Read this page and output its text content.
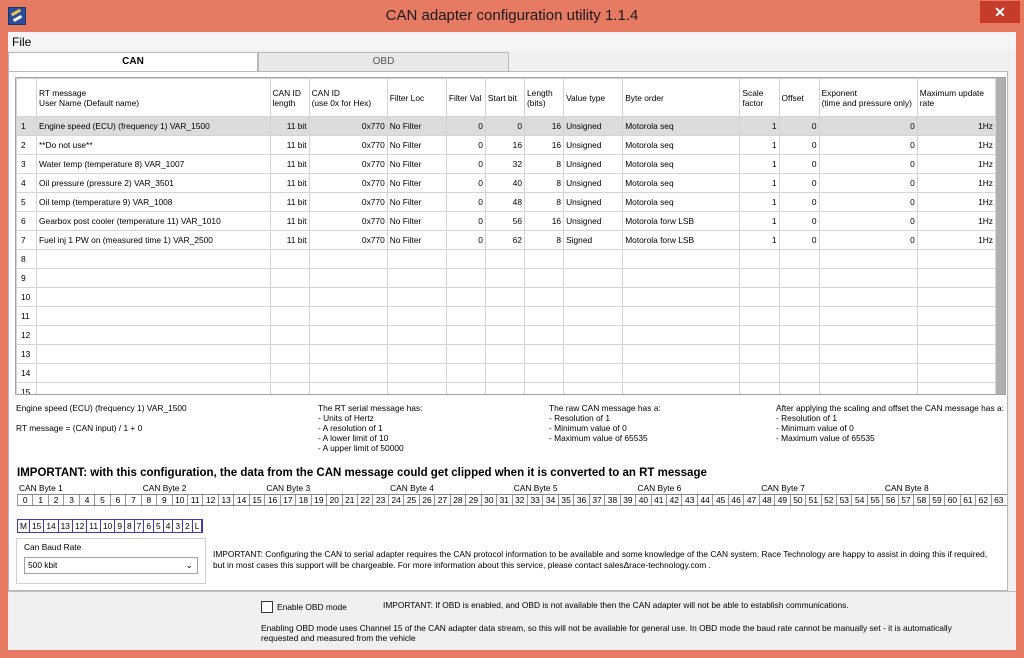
CAN adapter configuration utility 1.1.4	✕
File
CAN	OBD
	RT message
User Name (Default name)	CAN ID length	CAN ID
(use 0x for Hex)	Filter Loc	Filter Val	Start bit	Length (bits)	Value type	Byte order	Scale factor	Offset	Exponent
(time and pressure only)	Maximum update rate
1	Engine speed (ECU) (frequency 1) VAR_1500	11 bit	0x770	No Filter	0	0	16	Unsigned	Motorola seq	1	0	0	1Hz
2	**Do not use**	11 bit	0x770	No Filter	0	16	16	Unsigned	Motorola seq	1	0	0	1Hz
3	Water temp (temperature 8) VAR_1007	11 bit	0x770	No Filter	0	32	8	Unsigned	Motorola seq	1	0	0	1Hz
4	Oil pressure (pressure 2) VAR_3501	11 bit	0x770	No Filter	0	40	8	Unsigned	Motorola seq	1	0	0	1Hz
5	Oil temp (temperature 9) VAR_1008	11 bit	0x770	No Filter	0	48	8	Unsigned	Motorola seq	1	0	0	1Hz
6	Gearbox post cooler (temperature 11) VAR_1010	11 bit	0x770	No Filter	0	56	16	Unsigned	Motorola forw LSB	1	0	0	1Hz
7	Fuel inj 1 PW on (measured time 1) VAR_2500	11 bit	0x770	No Filter	0	62	8	Signed	Motorola forw LSB	1	0	0	1Hz
8													
9													
10													
11													
12													
13													
14													
15													
Engine speed (ECU) (frequency 1) VAR_1500
RT message = (CAN input) / 1 + 0
The RT serial message has:
- Units of Hertz
- A resolution of 1
- A lower limit of 10
- A upper limit of 50000
The raw CAN message has a:
- Resolution of 1
- Minimum value of 0
- Maximum value of 65535
After applying the scaling and offset the CAN message has a:
- Resolution of 1
- Minimum value of 0
- Maximum value of 65535
IMPORTANT: with this configuration, the data from the CAN message could get clipped when it is converted to an RT message
CAN Byte 1	CAN Byte 2	CAN Byte 3	CAN Byte 4	CAN Byte 5	CAN Byte 6	CAN Byte 7	CAN Byte 8
0	1	2	3	4	5	6	7	8	9	10 11 12 13 14 15 16 17 18 19 20 21 22 23 24 25 26 27 28 29 30 31 32 33 34 35 36 37 38 39 40 41 42 43 44 45 46 47 48 49 50 51 52 53 54 55 56 57 58 59 60 61 62 63
M 15 14 13 12 11 10 9 8 7 6 5 4 3 2 L
Can Baud Rate
500 kbit	⌄
IMPORTANT: Configuring the CAN to serial adapter requires the CAN protocol information to be available and some knowledge of the CAN system. Race Technology are happy to assist in doing this if required, but in most cases this support will be chargeable. For more information about this service, please contact salesΔrace-technology.com .
Enable OBD mode	IMPORTANT: If OBD is enabled, and OBD is not available then the CAN adapter will not be able to establish communications.
Enabling OBD mode uses Channel 15 of the CAN adapter data stream, so this will not be available for general use. In OBD mode the baud rate cannot be manually set - it is automatically requested and measured from the vehicle
